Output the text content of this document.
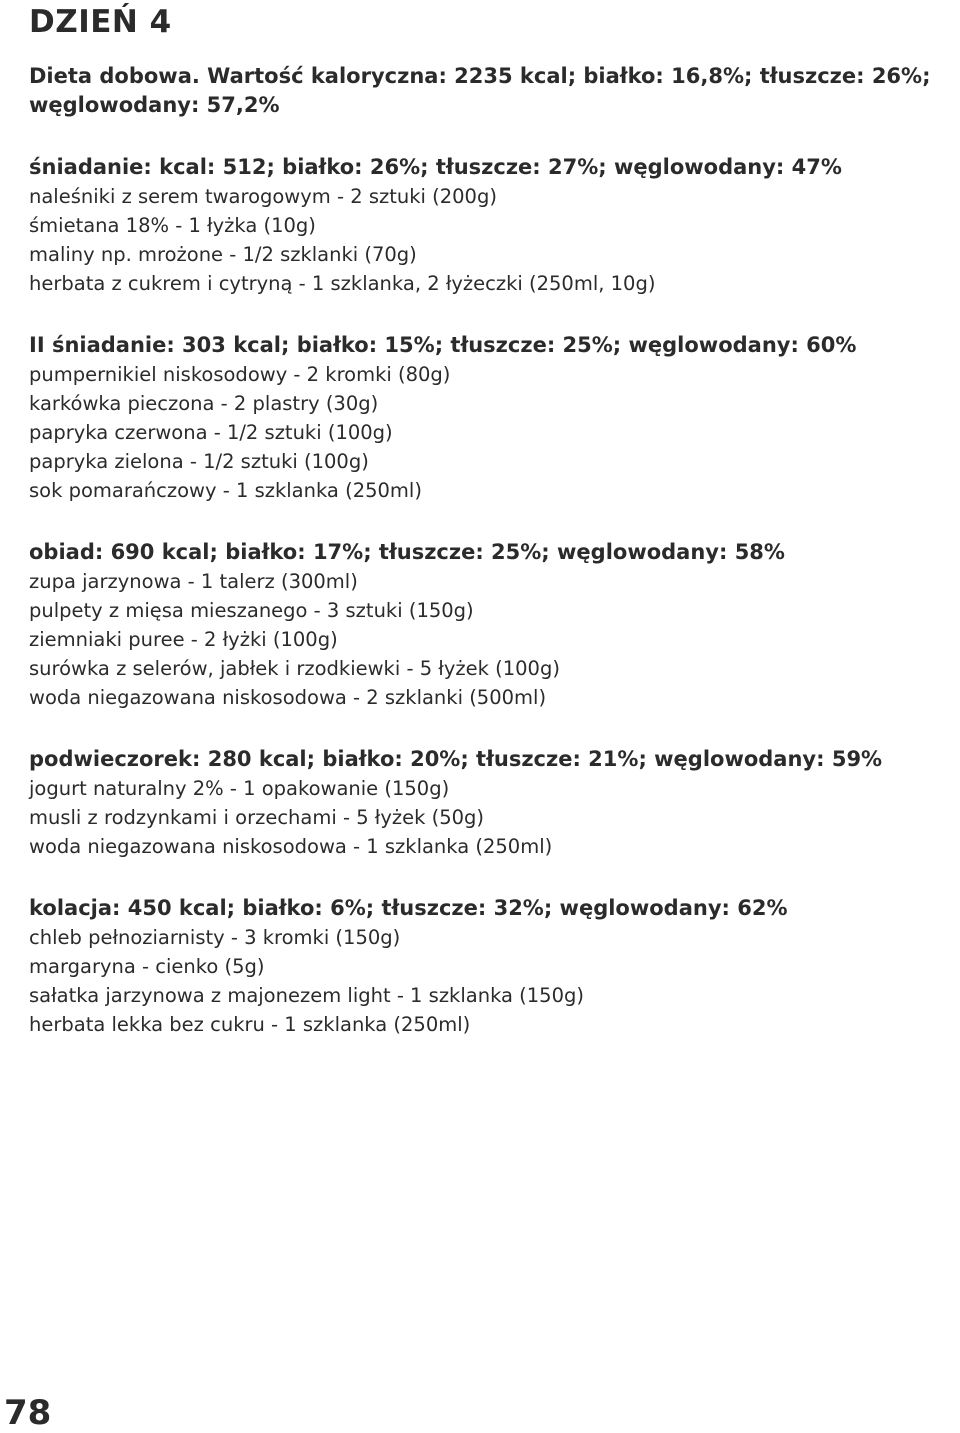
DZIEŃ 4

Dieta dobowa. Wartość kaloryczna: 2235 kcal; białko: 16,8%; tłuszcze: 26%; węglowodany: 57,2%

śniadanie: kcal: 512; białko: 26%; tłuszcze: 27%; węglowodany: 47%
naleśniki z serem twarogowym - 2 sztuki (200g)
śmietana 18% - 1 łyżka (10g)
maliny np. mrożone - 1/2 szklanki (70g)
herbata z cukrem i cytryną - 1 szklanka, 2 łyżeczki (250ml, 10g)
II śniadanie: 303 kcal; białko: 15%; tłuszcze: 25%; węglowodany: 60%
pumpernikiel niskosodowy - 2 kromki (80g)
karkówka pieczona - 2 plastry (30g)
papryka czerwona - 1/2 sztuki (100g)
papryka zielona - 1/2 sztuki (100g)
sok pomarańczowy - 1 szklanka (250ml)
obiad: 690 kcal; białko: 17%; tłuszcze: 25%; węglowodany: 58%
zupa jarzynowa - 1 talerz (300ml)
pulpety z mięsa mieszanego - 3 sztuki (150g)
ziemniaki puree - 2 łyżki (100g)
surówka z selerów, jabłek i rzodkiewki - 5 łyżek (100g)
woda niegazowana niskosodowa - 2 szklanki (500ml)
podwieczorek: 280 kcal; białko: 20%; tłuszcze: 21%; węglowodany: 59%
jogurt naturalny 2% - 1 opakowanie (150g)
musli z rodzynkami i orzechami - 5 łyżek (50g)
woda niegazowana niskosodowa - 1 szklanka (250ml)
kolacja: 450 kcal; białko: 6%; tłuszcze: 32%; węglowodany: 62%
chleb pełnoziarnisty - 3 kromki (150g)
margaryna - cienko (5g)
sałatka jarzynowa z majonezem light - 1 szklanka (150g)
herbata lekka bez cukru - 1 szklanka (250ml)
78
